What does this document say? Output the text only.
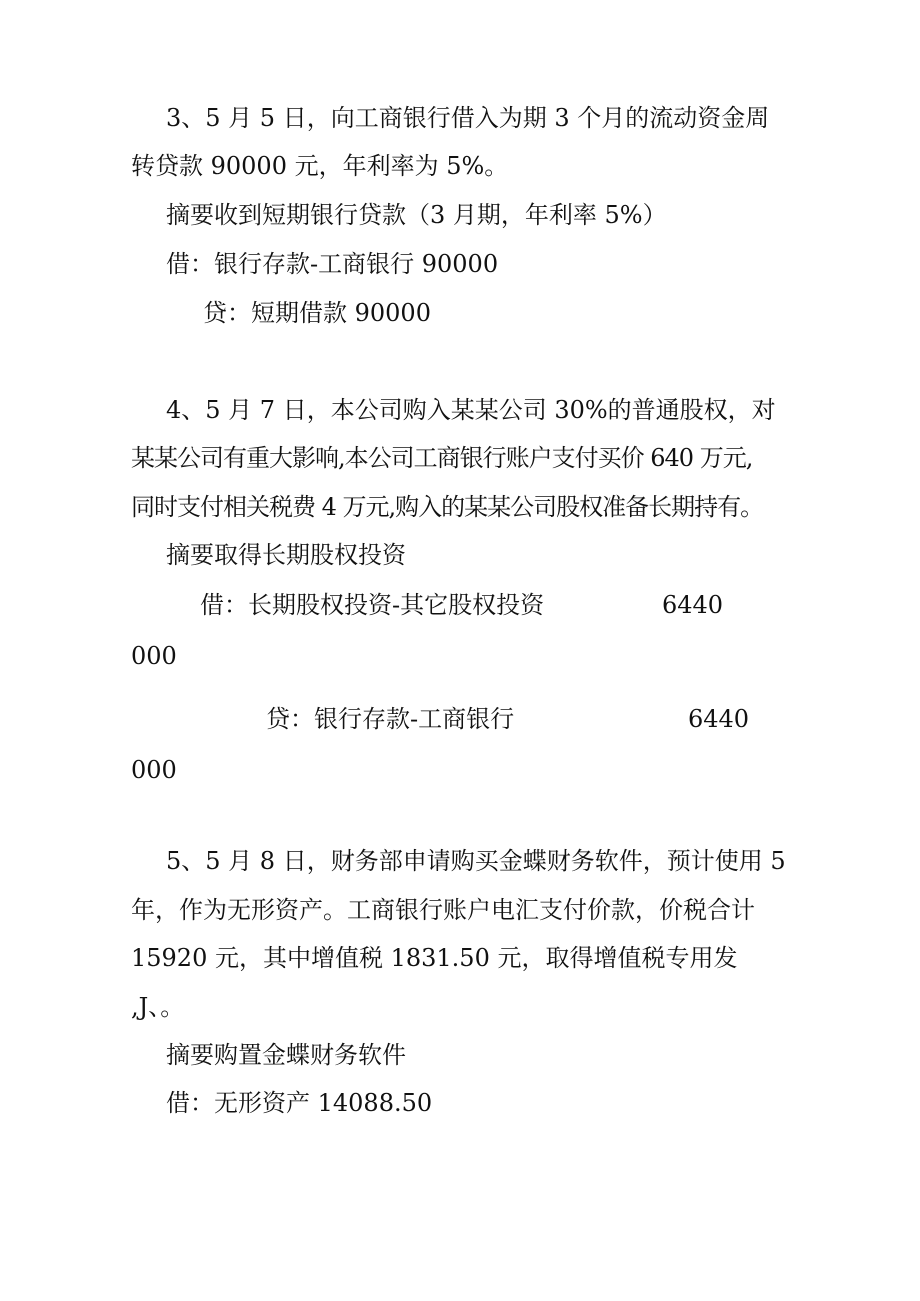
3、5 月 5 日，向工商银行借入为期 3 个月的流动资金周
转贷款 90000 元，年利率为 5%。
摘要收到短期银行贷款（3 月期，年利率 5%）
借：银行存款-工商银行 90000
贷：短期借款 90000
4、5 月 7 日，本公司购入某某公司 30%的普通股权，对
某某公司有重大影响,本公司工商银行账户支付买价 640 万元,
同时支付相关税费 4 万元,购入的某某公司股权准备长期持有。
摘要取得长期股权投资
借：长期股权投资-其它股权投资	6440
000
贷：银行存款-工商银行	6440
000
5、5 月 8 日，财务部申请购买金蝶财务软件，预计使用 5
年，作为无形资产。工商银行账户电汇支付价款，价税合计
15920 元，其中增值税 1831.50 元，取得增值税专用发
,J、。
摘要购置金蝶财务软件
借：无形资产 14088.50
